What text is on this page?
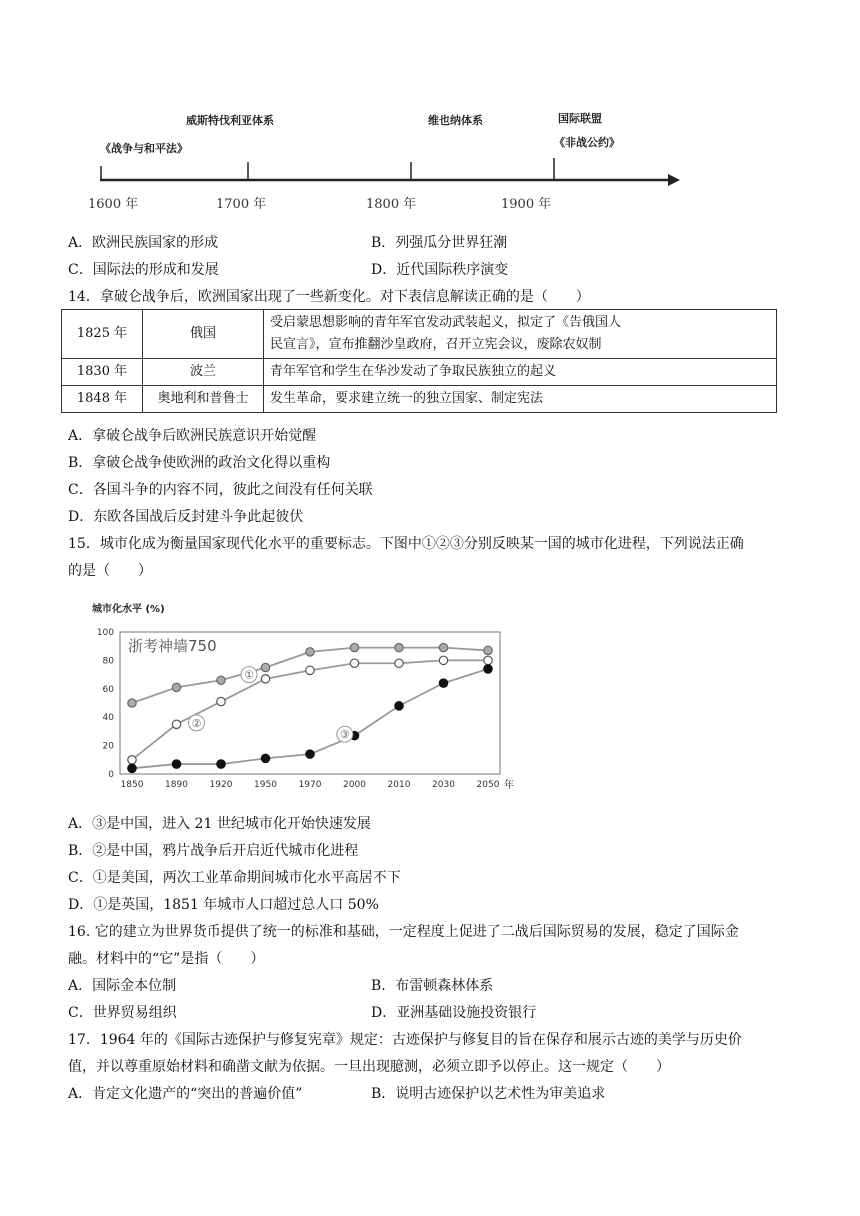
威斯特伐利亚体系
《战争与和平法》
维也纳体系	国际联盟
《非战公约》
1600 年	1700 年	1800 年	1900 年
A．欧洲民族国家的形成	B．列强瓜分世界狂潮
C．国际法的形成和发展	D．近代国际秩序演变
14．拿破仑战争后，欧洲国家出现了一些新变化。对下表信息解读正确的是（　　）
1825 年	俄国	受启蒙思想影响的青年军官发动武装起义，拟定了《告俄国人
民宣言》，宣布推翻沙皇政府，召开立宪会议，废除农奴制

1830 年	波兰	青年军官和学生在华沙发动了争取民族独立的起义
1848 年	奥地利和普鲁士	发生革命，要求建立统一的独立国家、制定宪法
A．拿破仑战争后欧洲民族意识开始觉醒
B．拿破仑战争使欧洲的政治文化得以重构
C．各国斗争的内容不同，彼此之间没有任何关联
D．东欧各国战后反封建斗争此起彼伏
15．城市化成为衡量国家现代化水平的重要标志。下图中①②③分别反映某一国的城市化进程，下列说法正确
的是（　　）
城市化水平 (%)
浙考神墙750
年
0
20
40
60
80
100
1850 1890 1920 1950 1970 2000 2010 2030 2050
①
②
③
A．③是中国，进入 21 世纪城市化开始快速发展
B．②是中国，鸦片战争后开启近代城市化进程
C．①是美国，两次工业革命期间城市化水平高居不下
D．①是英国，1851 年城市人口超过总人口 50%
16. 它的建立为世界货币提供了统一的标准和基础，一定程度上促进了二战后国际贸易的发展，稳定了国际金
融。材料中的“它”是指（　　）
A．国际金本位制	B．布雷顿森林体系
C．世界贸易组织	D．亚洲基础设施投资银行
17．1964 年的《国际古迹保护与修复宪章》规定：古迹保护与修复目的旨在保存和展示古迹的美学与历史价
值，并以尊重原始材料和确凿文献为依据。一旦出现臆测，必须立即予以停止。这一规定（　　）
A．肯定文化遗产的“突出的普遍价值”	B．说明古迹保护以艺术性为审美追求
